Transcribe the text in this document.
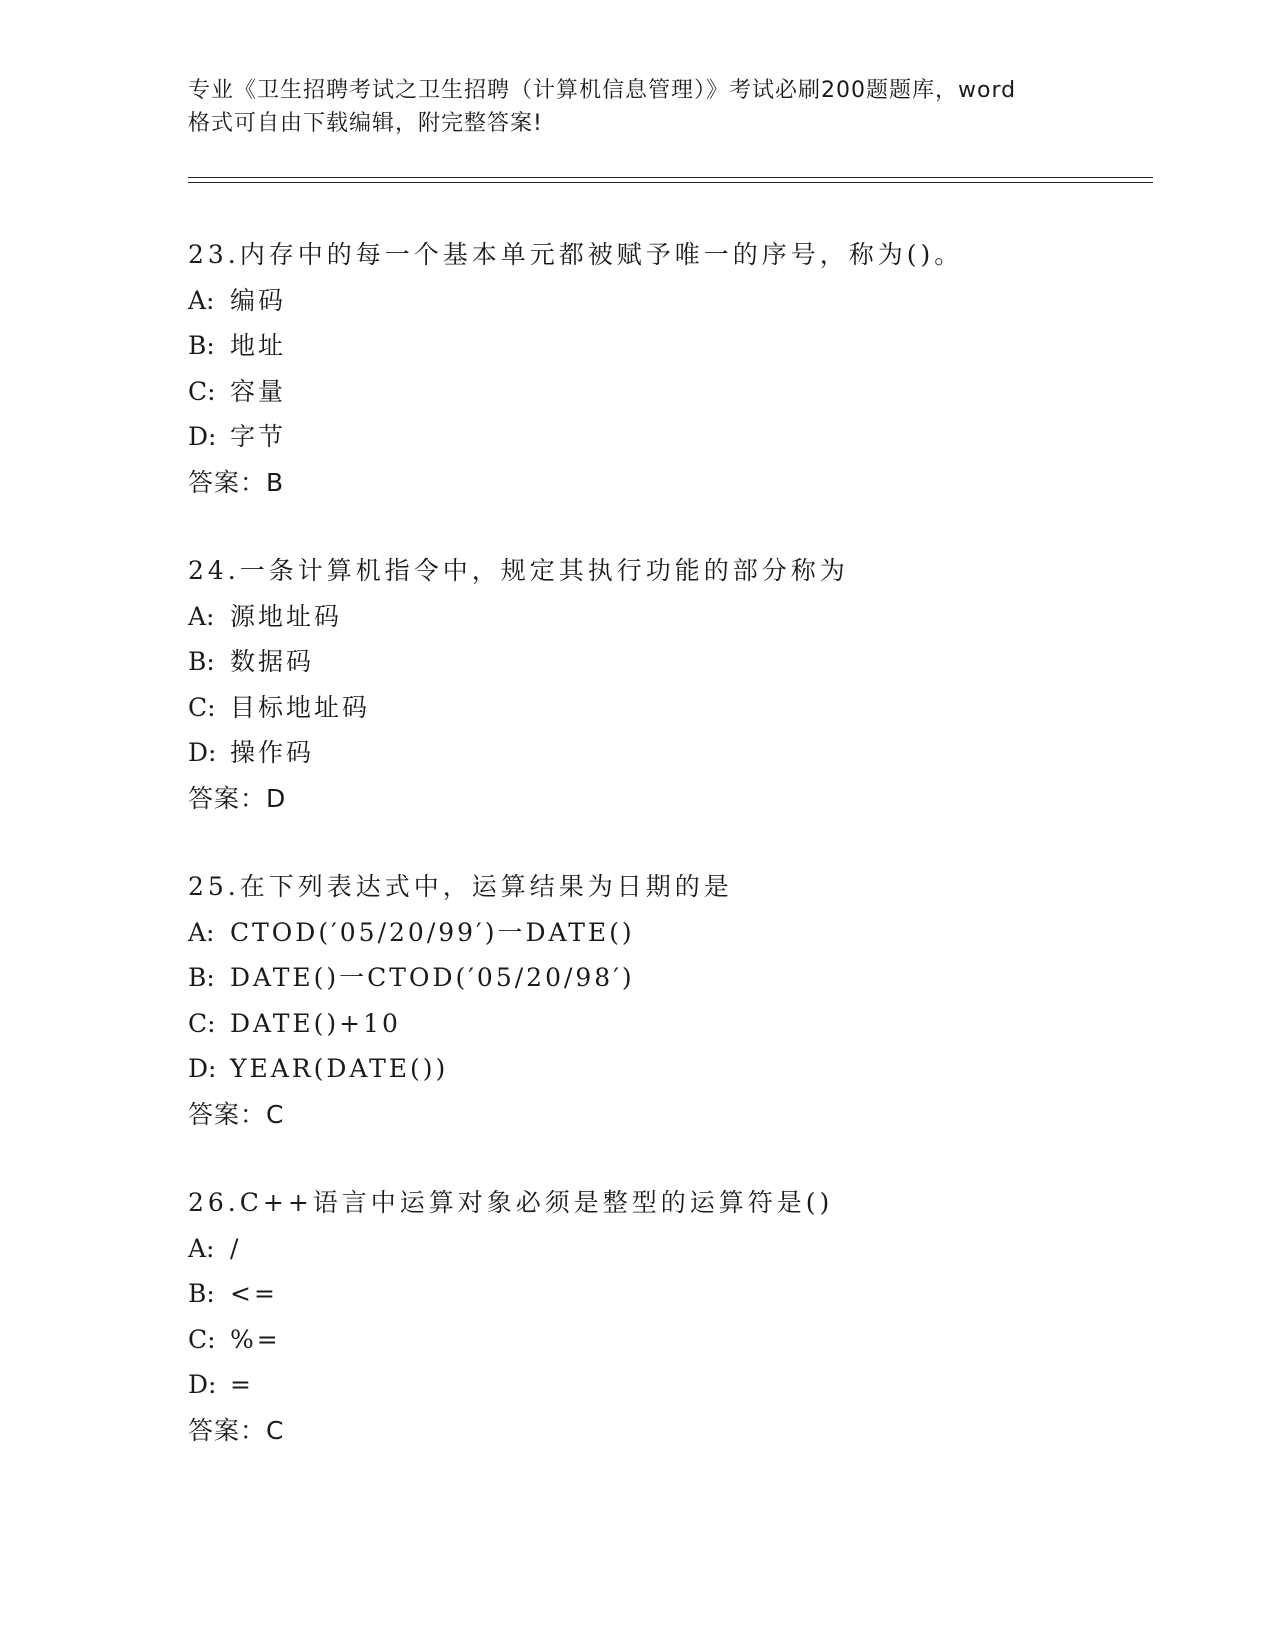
专业《卫生招聘考试之卫生招聘（计算机信息管理）》考试必刷200题题库，word
格式可自由下载编辑，附完整答案!
23.内存中的每一个基本单元都被赋予唯一的序号，称为()。
A: 编码
B: 地址
C: 容量
D: 字节
答案：B
24.一条计算机指令中，规定其执行功能的部分称为
A: 源地址码
B: 数据码
C: 目标地址码
D: 操作码
答案：D
25.在下列表达式中，运算结果为日期的是
A: CTOD(′05/20/99′)一DATE()
B: DATE()一CTOD(′05/20/98′)
C: DATE()+10
D: YEAR(DATE())
答案：C
26.C++语言中运算对象必须是整型的运算符是()
A: /
B: <=
C: %=
D: =
答案：C
